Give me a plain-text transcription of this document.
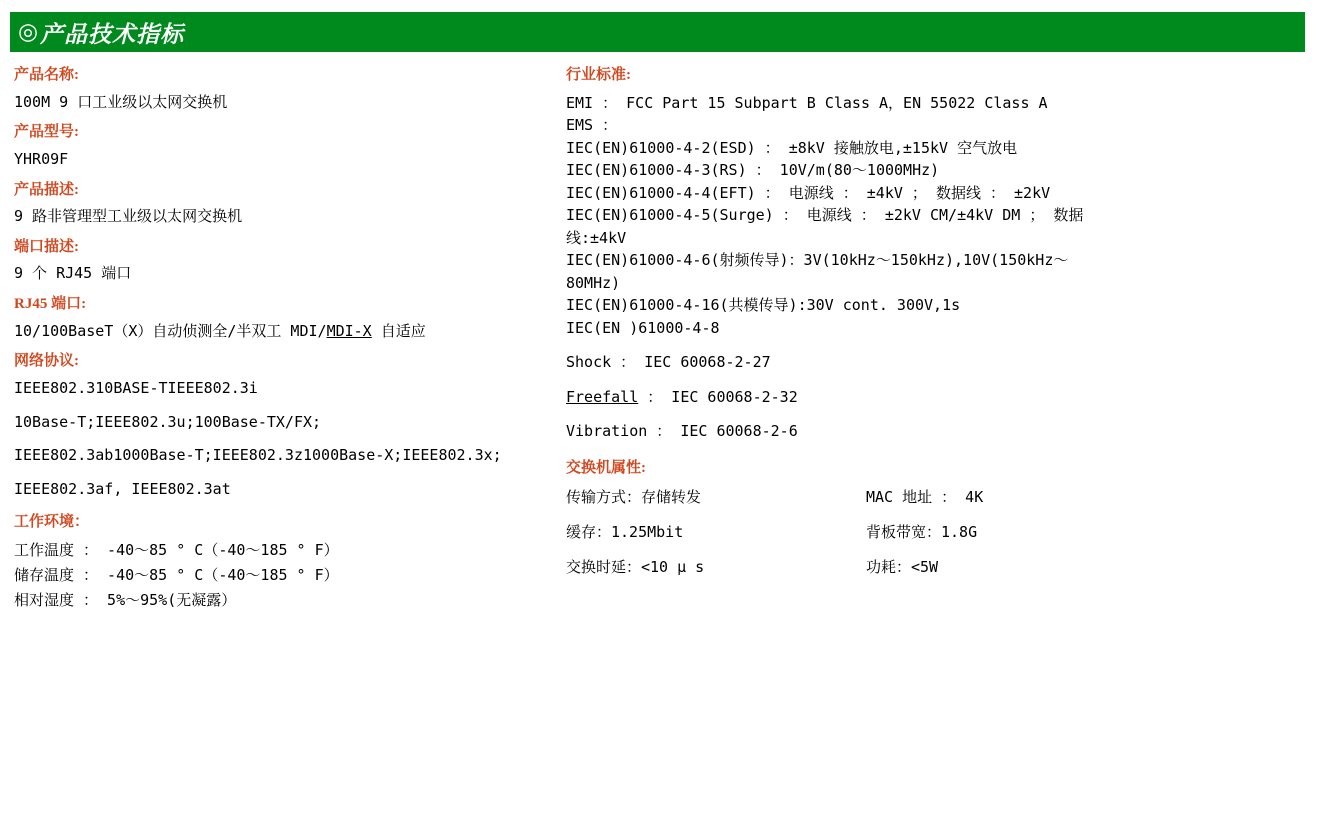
◎ 产品技术指标
产品名称:
100M 9 口工业级以太网交换机
产品型号:
YHR09F
产品描述:
9 路非管理型工业级以太网交换机
端口描述:
9 个 RJ45 端口
RJ45 端口:
10/100BaseT（X）自动侦测全/半双工 MDI/MDI-X 自适应
网络协议:
IEEE802.310BASE-TIEEE802.3i
10Base-T;IEEE802.3u;100Base-TX/FX;
IEEE802.3ab1000Base-T;IEEE802.3z1000Base-X;IEEE802.3x;
IEEE802.3af, IEEE802.3at
工作环境：
工作温度 ： -40～85 ° C（-40～185 ° F）
储存温度 ： -40～85 ° C（-40～185 ° F）
相对湿度 ： 5%～95%(无凝露）
行业标准:
EMI ： FCC Part 15 Subpart B Class A，EN 55022 Class A
EMS ：
IEC(EN)61000-4-2(ESD) ： ±8kV 接触放电,±15kV 空气放电
IEC(EN)61000-4-3(RS) ： 10V/m(80～1000MHz)
IEC(EN)61000-4-4(EFT) ： 电源线 ： ±4kV ； 数据线 ： ±2kV
IEC(EN)61000-4-5(Surge) ： 电源线 ： ±2kV CM/±4kV DM ； 数据
线:±4kV
IEC(EN)61000-4-6(射频传导)：3V(10kHz～150kHz),10V(150kHz～
80MHz)
IEC(EN)61000-4-16(共模传导):30V cont. 300V,1s
IEC(EN )61000-4-8
Shock ： IEC 60068-2-27
Freefall ： IEC 60068-2-32
Vibration ： IEC 60068-2-6
交换机属性:
传输方式：存储转发	MAC 地址 ： 4K
缓存：1.25Mbit	背板带宽：1.8G
交换时延：<10 μ s	功耗：<5W
